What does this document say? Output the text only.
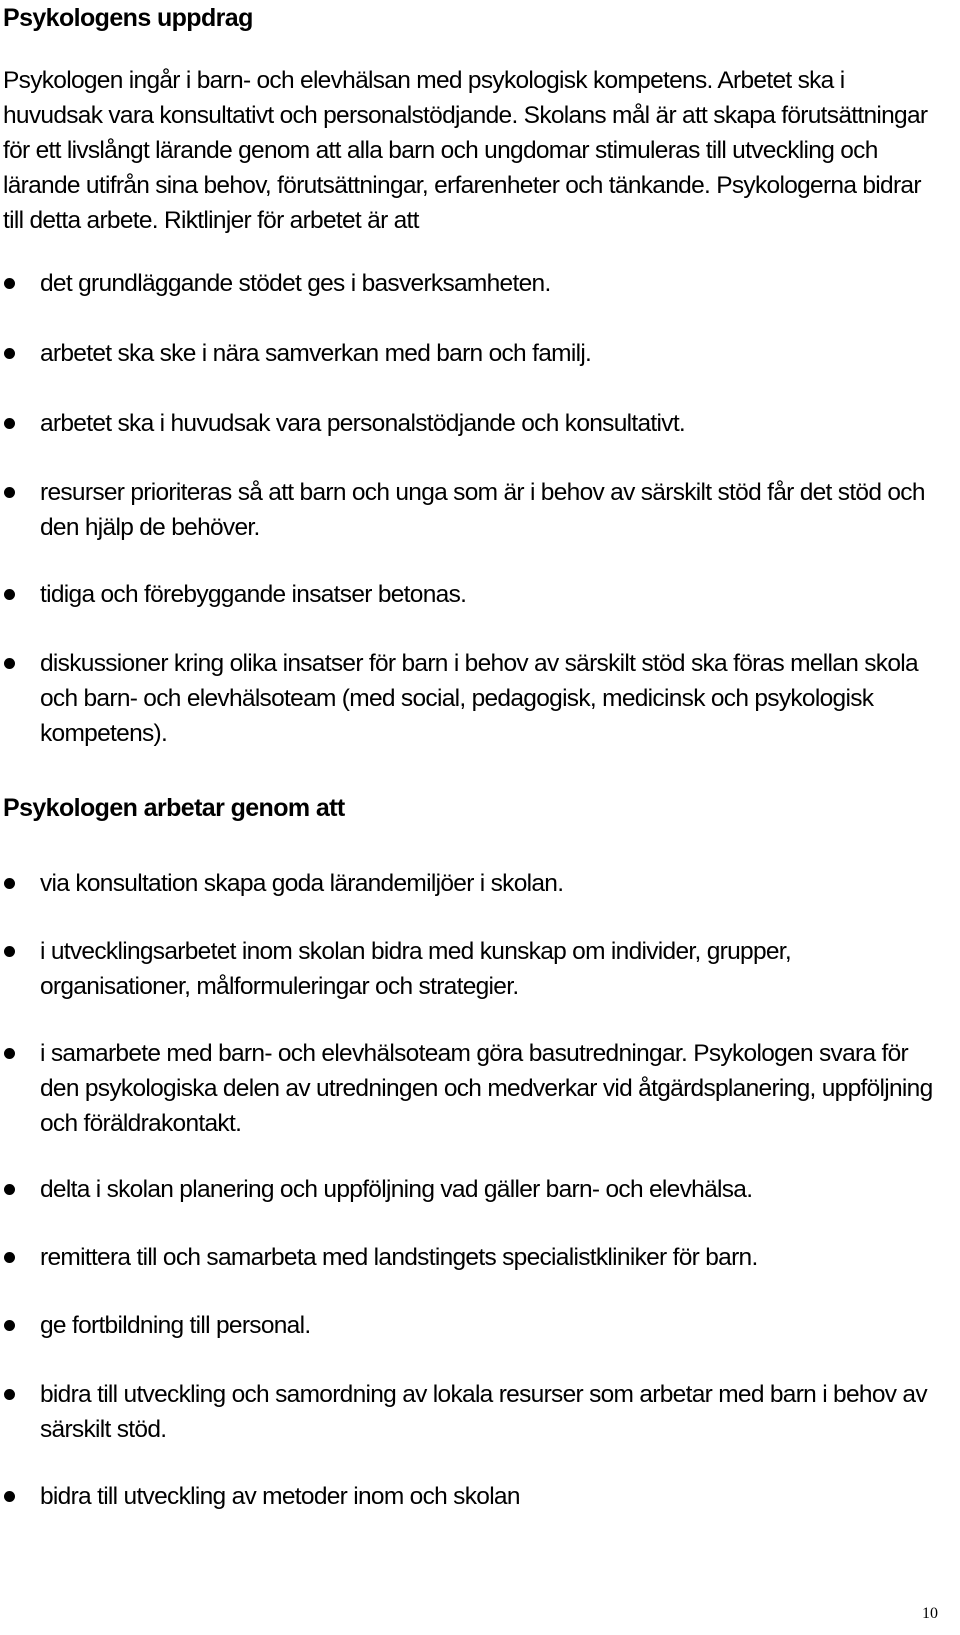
Psykologens uppdrag

Psykologen ingår i barn- och elevhälsan med psykologisk kompetens. Arbetet ska i huvudsak vara konsultativt och personalstödjande. Skolans mål är att skapa förutsättningar för ett livslångt lärande genom att alla barn och ungdomar stimuleras till utveckling och lärande utifrån sina behov, förutsättningar, erfarenheter och tänkande. Psykologerna bidrar till detta arbete. Riktlinjer för arbetet är att

det grundläggande stödet ges i basverksamheten.
arbetet ska ske i nära samverkan med barn och familj.
arbetet ska i huvudsak vara personalstödjande och konsultativt.
resurser prioriteras så att barn och unga som är i behov av särskilt stöd får det stöd och den hjälp de behöver.
tidiga och förebyggande insatser betonas.
diskussioner kring olika insatser för barn i behov av särskilt stöd ska föras mellan skola och barn- och elevhälsoteam (med social, pedagogisk, medicinsk och psykologisk kompetens).
Psykologen arbetar genom att
via konsultation skapa goda lärandemiljöer i skolan.
i utvecklingsarbetet inom skolan bidra med kunskap om individer, grupper, organisationer, målformuleringar och strategier.
i samarbete med barn- och elevhälsoteam göra basutredningar. Psykologen svara för den psykologiska delen av utredningen och medverkar vid åtgärdsplanering, uppföljning och föräldrakontakt.
delta i skolan planering och uppföljning vad gäller barn- och elevhälsa.
remittera till och samarbeta med landstingets specialistkliniker för barn.
ge fortbildning till personal.
bidra till utveckling och samordning av lokala resurser som arbetar med barn i behov av särskilt stöd.
bidra till utveckling av metoder inom och skolan
10
